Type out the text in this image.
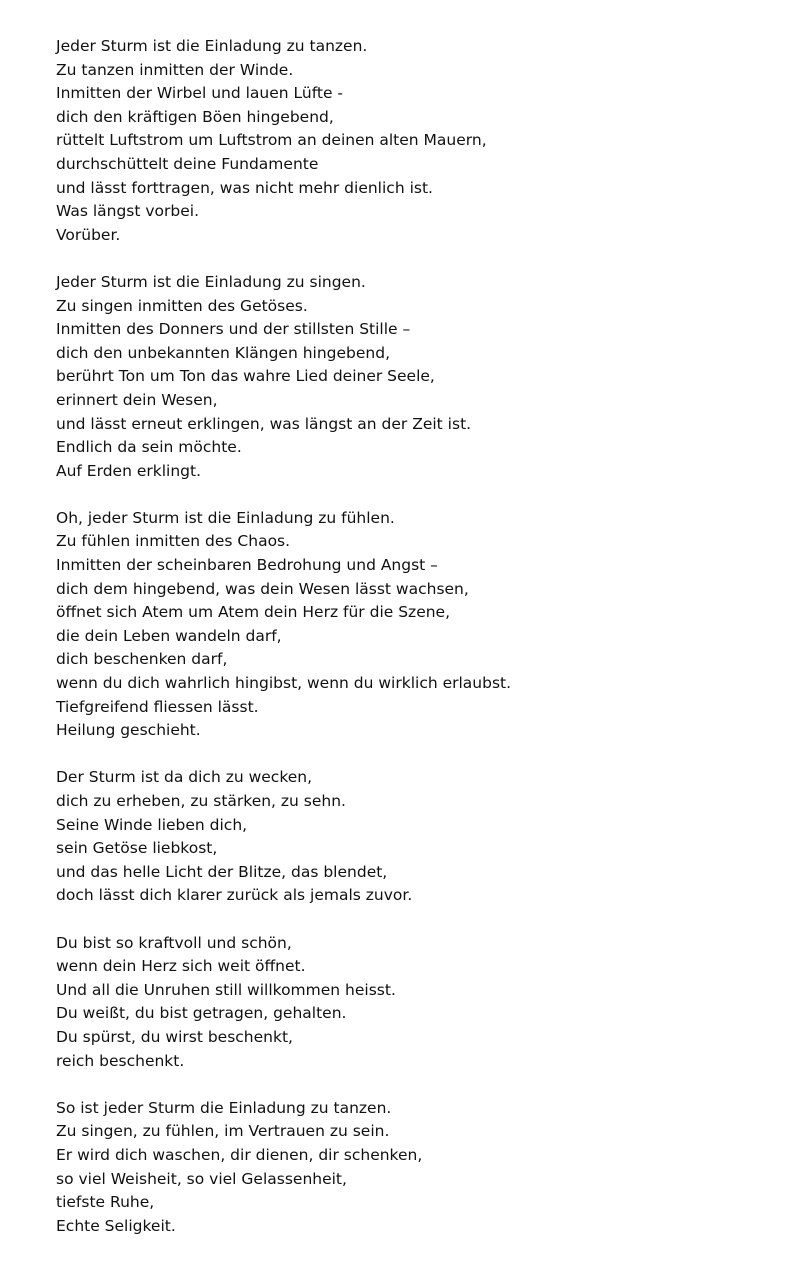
Jeder Sturm ist die Einladung zu tanzen.
Zu tanzen inmitten der Winde.
Inmitten der Wirbel und lauen Lüfte -
dich den kräftigen Böen hingebend,
rüttelt Luftstrom um Luftstrom an deinen alten Mauern,
durchschüttelt deine Fundamente
und lässt forttragen, was nicht mehr dienlich ist.
Was längst vorbei.
Vorüber.
Jeder Sturm ist die Einladung zu singen.
Zu singen inmitten des Getöses.
Inmitten des Donners und der stillsten Stille –
dich den unbekannten Klängen hingebend,
berührt Ton um Ton das wahre Lied deiner Seele,
erinnert dein Wesen,
und lässt erneut erklingen, was längst an der Zeit ist.
Endlich da sein möchte.
Auf Erden erklingt.
Oh, jeder Sturm ist die Einladung zu fühlen.
Zu fühlen inmitten des Chaos.
Inmitten der scheinbaren Bedrohung und Angst –
dich dem hingebend, was dein Wesen lässt wachsen,
öffnet sich Atem um Atem dein Herz für die Szene,
die dein Leben wandeln darf,
dich beschenken darf,
wenn du dich wahrlich hingibst, wenn du wirklich erlaubst.
Tiefgreifend fliessen lässt.
Heilung geschieht.
Der Sturm ist da dich zu wecken,
dich zu erheben, zu stärken, zu sehn.
Seine Winde lieben dich,
sein Getöse liebkost,
und das helle Licht der Blitze, das blendet,
doch lässt dich klarer zurück als jemals zuvor.
Du bist so kraftvoll und schön,
wenn dein Herz sich weit öffnet.
Und all die Unruhen still willkommen heisst.
Du weißt, du bist getragen, gehalten.
Du spürst, du wirst beschenkt,
reich beschenkt.
So ist jeder Sturm die Einladung zu tanzen.
Zu singen, zu fühlen, im Vertrauen zu sein.
Er wird dich waschen, dir dienen, dir schenken,
so viel Weisheit, so viel Gelassenheit,
tiefste Ruhe,
Echte Seligkeit.
